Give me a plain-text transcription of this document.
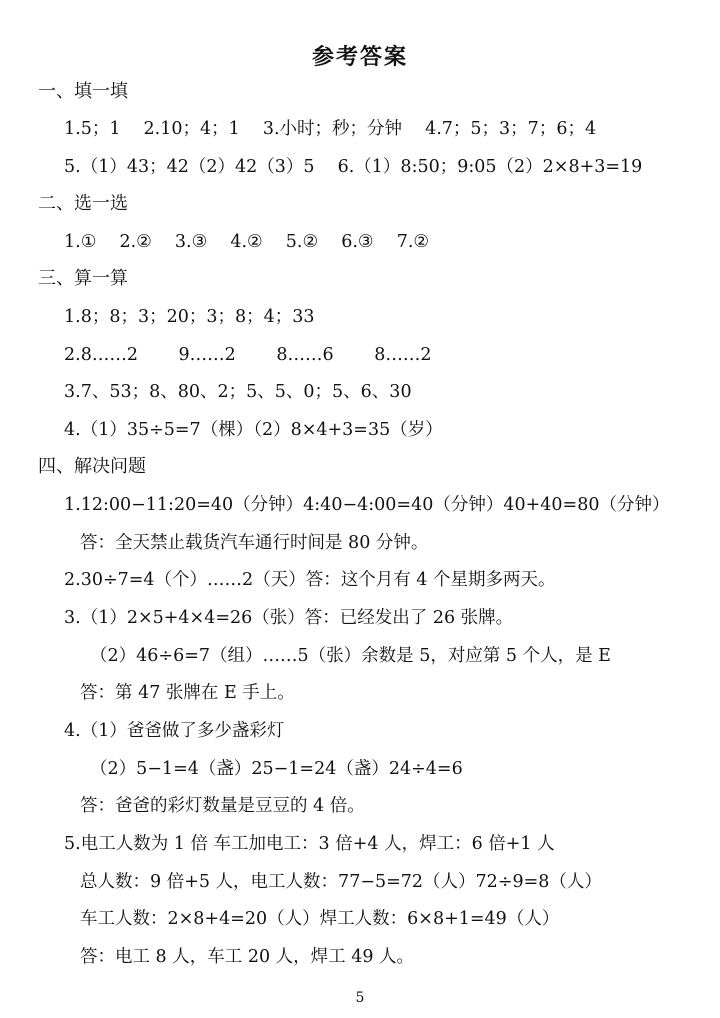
参考答案
一、填一填
1.5；1　 2.10；4；1　 3.小时；秒；分钟　 4.7；5；3；7；6；4
5.（1）43；42（2）42（3）5　 6.（1）8:50；9:05（2）2×8+3=19
二、选一选
1.①　 2.②　 3.③　 4.②　 5.②　 6.③　 7.②
三、算一算
1.8；8；3；20；3；8；4；33
2.8……2　　 9……2　　 8……6　　 8……2
3.7、53；8、80、2；5、5、0；5、6、30
4.（1）35÷5=7（棵）（2）8×4+3=35（岁）
四、解决问题
1.12:00−11:20=40（分钟）4:40−4:00=40（分钟）40+40=80（分钟）
答：全天禁止载货汽车通行时间是 80 分钟。
2.30÷7=4（个）……2（天）答：这个月有 4 个星期多两天。
3.（1）2×5+4×4=26（张）答：已经发出了 26 张牌。
（2）46÷6=7（组）……5（张）余数是 5，对应第 5 个人，是 E
答：第 47 张牌在 E 手上。
4.（1）爸爸做了多少盏彩灯
（2）5−1=4（盏）25−1=24（盏）24÷4=6
答：爸爸的彩灯数量是豆豆的 4 倍。
5.电工人数为 1 倍 车工加电工：3 倍+4 人，焊工：6 倍+1 人
总人数：9 倍+5 人，电工人数：77−5=72（人）72÷9=8（人）
车工人数：2×8+4=20（人）焊工人数：6×8+1=49（人）
答：电工 8 人，车工 20 人，焊工 49 人。
5
